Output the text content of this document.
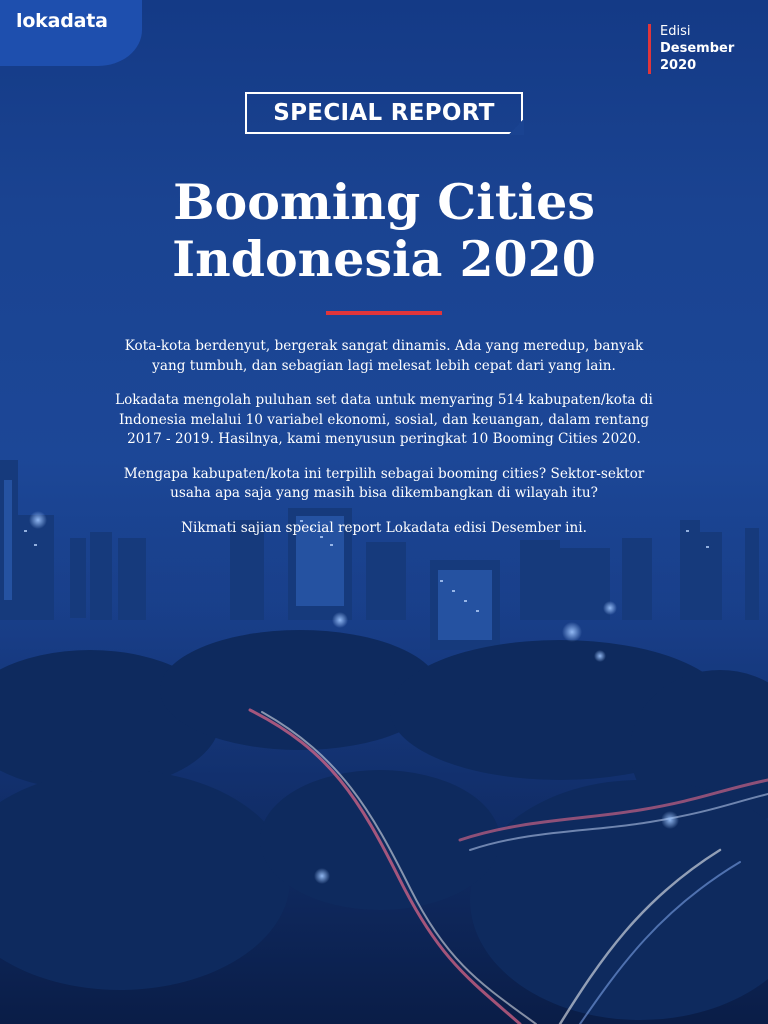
lokadata	Edisi
Desember
2020
SPECIAL REPORT
Booming Cities
Indonesia 2020

Kota-kota berdenyut, bergerak sangat dinamis. Ada yang meredup, banyak yang tumbuh, dan sebagian lagi melesat lebih cepat dari yang lain.

Lokadata mengolah puluhan set data untuk menyaring 514 kabupaten/kota di Indonesia melalui 10 variabel ekonomi, sosial, dan keuangan, dalam rentang 2017 - 2019. Hasilnya, kami menyusun peringkat 10 Booming Cities 2020.

Mengapa kabupaten/kota ini terpilih sebagai booming cities? Sektor-sektor usaha apa saja yang masih bisa dikembangkan di wilayah itu?

Nikmati sajian special report Lokadata edisi Desember ini.
